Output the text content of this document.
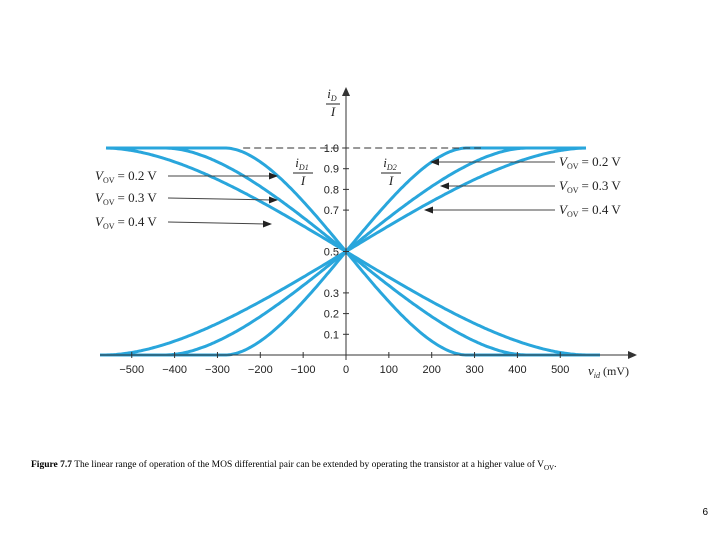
−500 −400 −300 −200 −100 0	100 200 300 400 500
0.1
0.2
0.3
0.5
0.7
0.8
0.9
1.0
$i_D$
I
$v_{id}$ (mV)
$i_{D1}$
I
$i_{D2}$
I
$V_{OV} = 0.2$ V
$V_{OV} = 0.3$ V
$V_{OV} = 0.4$ V
$V_{OV} = 0.2$ V
$V_{OV} = 0.3$ V
$V_{OV} = 0.4$ V
Figure 7.7 The linear range of operation of the MOS differential pair can be extended by operating the transistor at a higher value of $V_{OV}$.
6
